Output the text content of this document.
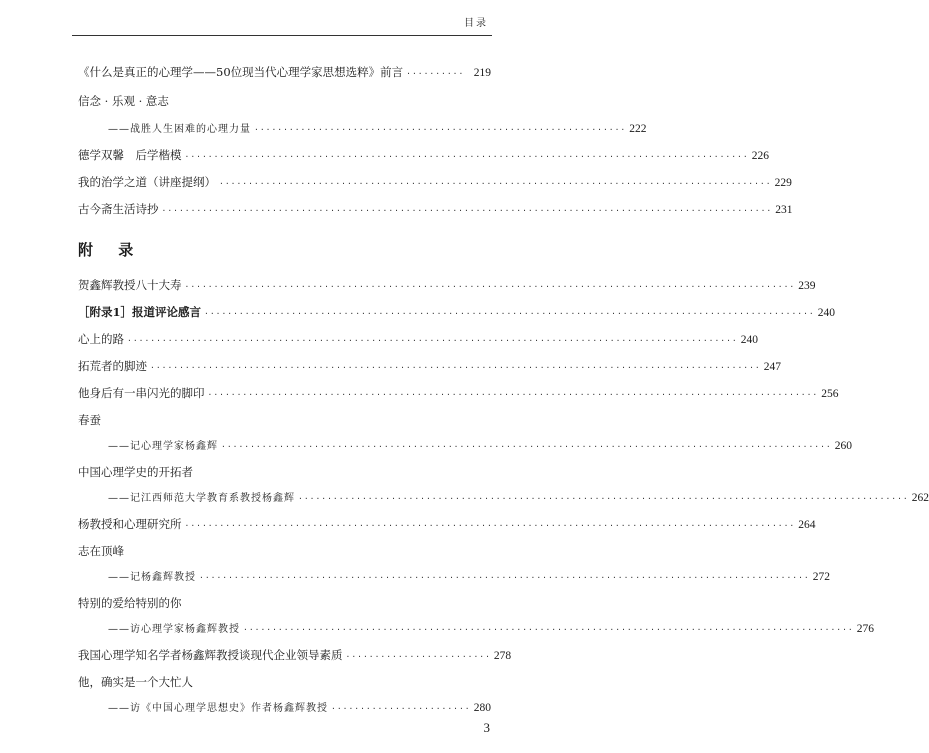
目录
《什么是真正的心理学——50位现当代心理学家思想选粹》前言 ·········· 219
信念 · 乐观 · 意志
——战胜人生困难的心理力量 ································································ 222
德学双馨　后学楷模 ································································································· 226
我的治学之道（讲座提纲） ······························································································· 229
古今斋生活诗抄 ········································································································· 231
附 录
贺鑫辉教授八十大寿 ········································································································· 239
［附录1］报道评论感言 ········································································································· 240
心上的路 ········································································································· 240
拓荒者的脚迹 ········································································································· 247
他身后有一串闪光的脚印 ········································································································· 256
春蚕
——记心理学家杨鑫辉 ········································································································· 260
中国心理学史的开拓者
——记江西师范大学教育系教授杨鑫辉 ········································································································· 262
杨教授和心理研究所 ········································································································· 264
志在顶峰
——记杨鑫辉教授 ········································································································· 272
特别的爱给特别的你
——访心理学家杨鑫辉教授 ········································································································· 276
我国心理学知名学者杨鑫辉教授谈现代企业领导素质 ························· 278
他，确实是一个大忙人
——访《中国心理学思想史》作者杨鑫辉教授 ························ 280
3
